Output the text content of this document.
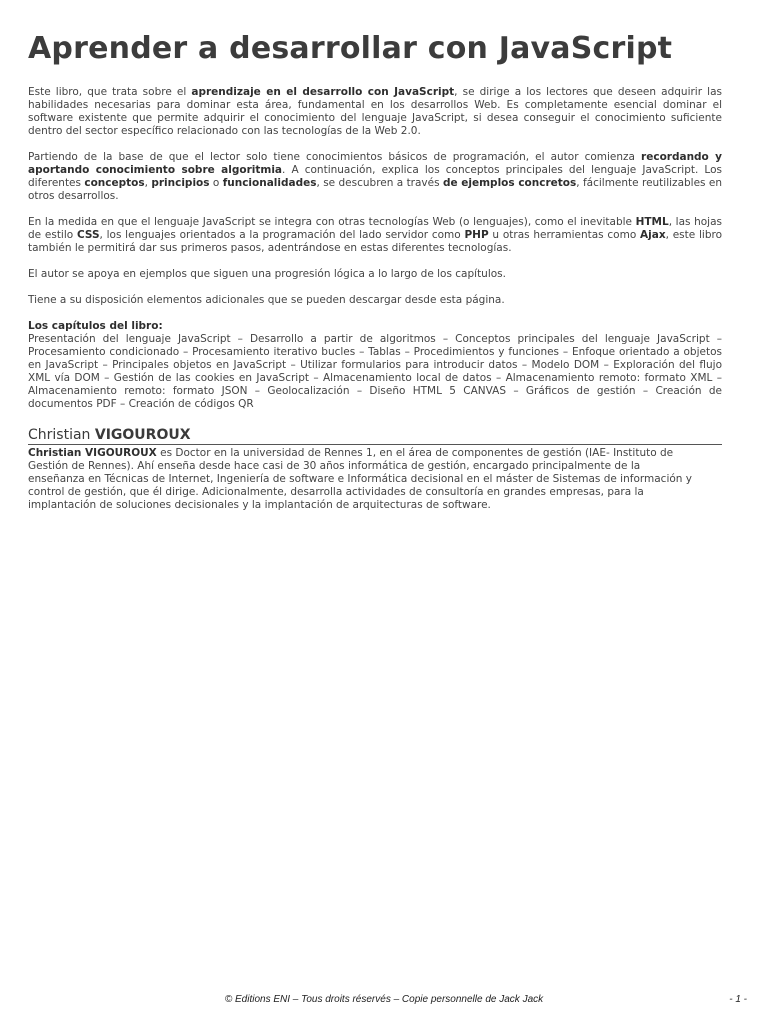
Aprender a desarrollar con JavaScript

Este libro, que trata sobre el aprendizaje en el desarrollo con JavaScript, se dirige a los lectores que deseen adquirir las habilidades necesarias para dominar esta área, fundamental en los desarrollos Web. Es completamente esencial dominar el software existente que permite adquirir el conocimiento del lenguaje JavaScript, si desea conseguir el conocimiento suficiente dentro del sector específico relacionado con las tecnologías de la Web 2.0.

Partiendo de la base de que el lector solo tiene conocimientos básicos de programación, el autor comienza recordando y aportando conocimiento sobre algoritmia. A continuación, explica los conceptos principales del lenguaje JavaScript. Los diferentes conceptos, principios o funcionalidades, se descubren a través de ejemplos concretos, fácilmente reutilizables en otros desarrollos.

En la medida en que el lenguaje JavaScript se integra con otras tecnologías Web (o lenguajes), como el inevitable HTML, las hojas de estilo CSS, los lenguajes orientados a la programación del lado servidor como PHP u otras herramientas como Ajax, este libro también le permitirá dar sus primeros pasos, adentrándose en estas diferentes tecnologías.

El autor se apoya en ejemplos que siguen una progresión lógica a lo largo de los capítulos.

Tiene a su disposición elementos adicionales que se pueden descargar desde esta página.

Los capítulos del libro:

Presentación del lenguaje JavaScript – Desarrollo a partir de algoritmos – Conceptos principales del lenguaje JavaScript – Procesamiento condicionado – Procesamiento iterativo bucles – Tablas – Procedimientos y funciones – Enfoque orientado a objetos en JavaScript – Principales objetos en JavaScript – Utilizar formularios para introducir datos – Modelo DOM – Exploración del flujo XML vía DOM – Gestión de las cookies en JavaScript – Almacenamiento local de datos – Almacenamiento remoto: formato XML – Almacenamiento remoto: formato JSON – Geolocalización – Diseño HTML 5 CANVAS – Gráficos de gestión – Creación de documentos PDF – Creación de códigos QR

Christian VIGOUROUX

Christian VIGOUROUX es Doctor en la universidad de Rennes 1, en el área de componentes de gestión (IAE- Instituto de Gestión de Rennes). Ahí enseña desde hace casi de 30 años informática de gestión, encargado principalmente de la enseñanza en Técnicas de Internet, Ingeniería de software e Informática decisional en el máster de Sistemas de información y control de gestión, que él dirige. Adicionalmente, desarrolla actividades de consultoría en grandes empresas, para la implantación de soluciones decisionales y la implantación de arquitecturas de software.

© Editions ENI – Tous droits réservés – Copie personnelle de Jack Jack	- 1 -
